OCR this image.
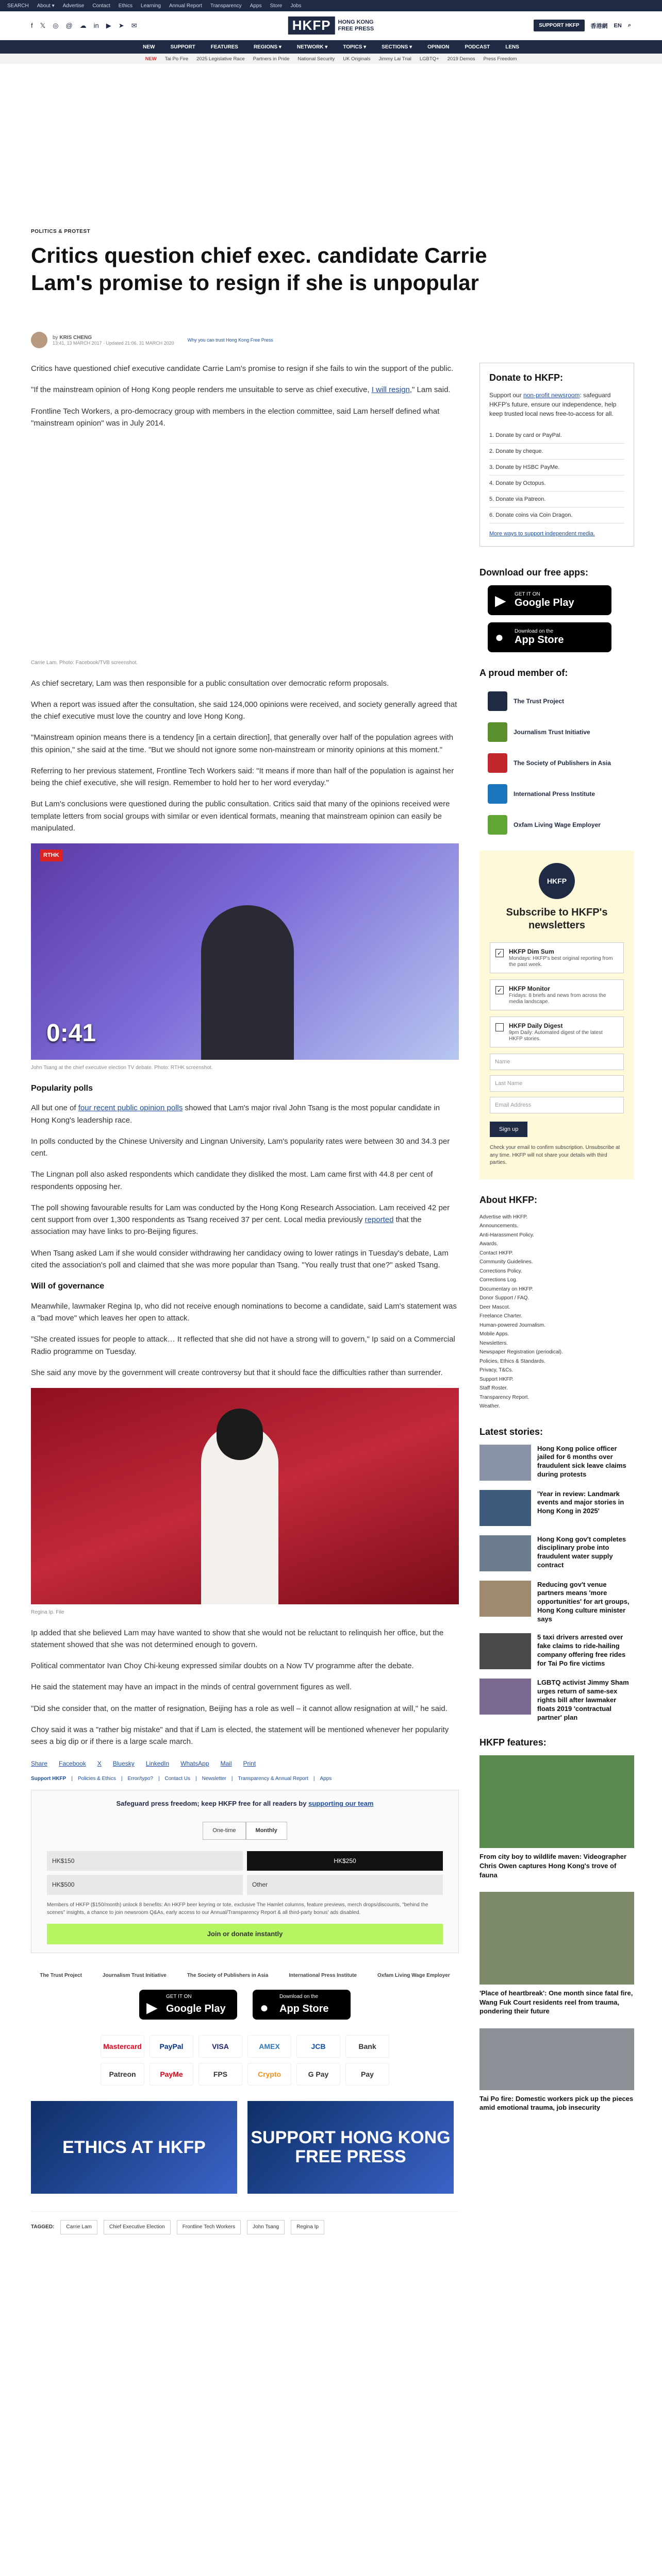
SEARCH About ▾ Advertise Contact Ethics Learning Annual Report Transparency Apps Store Jobs
f 𝕏 ◎ @ ☁ in ▶ ➤ ✉	HKFP	HONG KONG
FREE PRESS	SUPPORT HKFP	香港網 EN ⌕
NEW	SUPPORT	FEATURES	REGIONS ▾	NETWORK ▾	TOPICS ▾	SECTIONS ▾	OPINION	PODCAST	LENS
NEW Tai Po Fire 2025 Legislative Race Partners in Pride National Security UK Originals Jimmy Lai Trial LGBTQ+ 2019 Demos Press Freedom
POLITICS & PROTEST
Critics question chief exec. candidate Carrie Lam's promise to resign if she is unpopular
by KRIS CHENG
13:41, 13 MARCH 2017 · Updated 21:06, 31 MARCH 2020
Why you can trust Hong Kong Free Press

Critics have questioned chief executive candidate Carrie Lam's promise to resign if she fails to win the support of the public.

"If the mainstream opinion of Hong Kong people renders me unsuitable to serve as chief executive, I will resign," Lam said.

Frontline Tech Workers, a pro-democracy group with members in the election committee, said Lam herself defined what "mainstream opinion" was in July 2014.

Carrie Lam. Photo: Facebook/TVB screenshot.

As chief secretary, Lam was then responsible for a public consultation over democratic reform proposals.

When a report was issued after the consultation, she said 124,000 opinions were received, and society generally agreed that the chief executive must love the country and love Hong Kong.

"Mainstream opinion means there is a tendency [in a certain direction], that generally over half of the population agrees with this opinion," she said at the time. "But we should not ignore some non-mainstream or minority opinions at this moment."

Referring to her previous statement, Frontline Tech Workers said: "It means if more than half of the population is against her being the chief executive, she will resign. Remember to hold her to her word everyday."

But Lam's conclusions were questioned during the public consultation. Critics said that many of the opinions received were template letters from social groups with similar or even identical formats, meaning that mainstream opinion can easily be manipulated.

RTHK
0:41
John Tsang at the chief executive election TV debate. Photo: RTHK screenshot.
Popularity polls

All but one of four recent public opinion polls showed that Lam's major rival John Tsang is the most popular candidate in Hong Kong's leadership race.

In polls conducted by the Chinese University and Lingnan University, Lam's popularity rates were between 30 and 34.3 per cent.

The Lingnan poll also asked respondents which candidate they disliked the most. Lam came first with 44.8 per cent of respondents opposing her.

The poll showing favourable results for Lam was conducted by the Hong Kong Research Association. Lam received 42 per cent support from over 1,300 respondents as Tsang received 37 per cent. Local media previously reported that the association may have links to pro-Beijing figures.

When Tsang asked Lam if she would consider withdrawing her candidacy owing to lower ratings in Tuesday's debate, Lam cited the association's poll and claimed that she was more popular than Tsang. "You really trust that one?" asked Tsang.

Will of governance

Meanwhile, lawmaker Regina Ip, who did not receive enough nominations to become a candidate, said Lam's statement was a "bad move" which leaves her open to attack.

"She created issues for people to attack… It reflected that she did not have a strong will to govern," Ip said on a Commercial Radio programme on Tuesday.

She said any move by the government will create controversy but that it should face the difficulties rather than surrender.

Regina Ip. File

Ip added that she believed Lam may have wanted to show that she would not be reluctant to relinquish her office, but the statement showed that she was not determined enough to govern.

Political commentator Ivan Choy Chi-keung expressed similar doubts on a Now TV programme after the debate.

He said the statement may have an impact in the minds of central government figures as well.

"Did she consider that, on the matter of resignation, Beijing has a role as well – it cannot allow resignation at will," he said.

Choy said it was a "rather big mistake" and that if Lam is elected, the statement will be mentioned whenever her popularity sees a big dip or if there is a large scale march.

Share Facebook X Bluesky LinkedIn WhatsApp Mail Print
Support HKFP | Policies & Ethics | Error/typo? | Contact Us | Newsletter | Transparency & Annual Report | Apps
Safeguard press freedom; keep HKFP free for all readers by supporting our team
One-time	Monthly
HK$150	HK$250
HK$500	Other
Members of HKFP ($150/month) unlock 8 benefits: An HKFP beer keyring or tote, exclusive The Hamlet columns, feature previews, merch drops/discounts, "behind the scenes" insights, a chance to join newsroom Q&As, early access to our Annual/Transparency Report & all third-party bonus' ads disabled.
Join or donate instantly
The Trust Project	Journalism Trust Initiative	The Society of Publishers in Asia	International Press Institute	Oxfam Living Wage Employer
▶
GET IT ON
Google Play	●
Download on the
App Store
Mastercard	PayPal	VISA	AMEX	JCB	Bank
Patreon	PayMe	FPS	Crypto	G Pay	Pay
ETHICS AT HKFP	SUPPORT HONG KONG FREE PRESS
TAGGED:	Carrie Lam	Chief Executive Election	Frontline Tech Workers	John Tsang	Regina Ip
Donate to HKFP:
Support our non-profit newsroom: safeguard HKFP's future, ensure our independence, help keep trusted local news free-to-access for all.
1. Donate by card or PayPal.
2. Donate by cheque.
3. Donate by HSBC PayMe.
4. Donate by Octopus.
5. Donate via Patreon.
6. Donate coins via Coin Dragon.
More ways to support independent media.
Download our free apps:
▶ GET IT ON
Google Play
● Download on the
App Store
A proud member of:
The Trust Project
Journalism Trust Initiative
The Society of Publishers in Asia
International Press Institute
Oxfam Living Wage Employer
HKFP
Subscribe to HKFP's newsletters
✓ HKFP Dim Sum
Mondays: HKFP's best original reporting from the past week.
✓ HKFP Monitor
Fridays: 8 briefs and news from across the media landscape.
HKFP Daily Digest
9pm Daily: Automated digest of the latest HKFP stories.
Name
Last Name
Email Address
Sign up
Check your email to confirm subscription. Unsubscribe at any time. HKFP will not share your details with third parties.
About HKFP:
Advertise with HKFP.
Announcements.
Anti-Harassment Policy.
Awards.
Contact HKFP.
Community Guidelines.
Corrections Policy.
Corrections Log.
Documentary on HKFP.
Donor Support / FAQ.
Deer Mascot.
Freelance Charter.
Human-powered Journalism.
Mobile Apps.
Newsletters.
Newspaper Registration (periodical).
Policies, Ethics & Standards.
Privacy, T&Cs.
Support HKFP.
Staff Roster.
Transparency Report.
Weather.
Latest stories:
Hong Kong police officer jailed for 6 months over fraudulent sick leave claims during protests
'Year in review: Landmark events and major stories in Hong Kong in 2025'
Hong Kong gov't completes disciplinary probe into fraudulent water supply contract
Reducing gov't venue partners means 'more opportunities' for art groups, Hong Kong culture minister says
5 taxi drivers arrested over fake claims to ride-hailing company offering free rides for Tai Po fire victims
LGBTQ activist Jimmy Sham urges return of same-sex rights bill after lawmaker floats 2019 'contractual partner' plan
HKFP features:
From city boy to wildlife maven: Videographer Chris Owen captures Hong Kong's trove of fauna
'Place of heartbreak': One month since fatal fire, Wang Fuk Court residents reel from trauma, pondering their future
Tai Po fire: Domestic workers pick up the pieces amid emotional trauma, job insecurity
